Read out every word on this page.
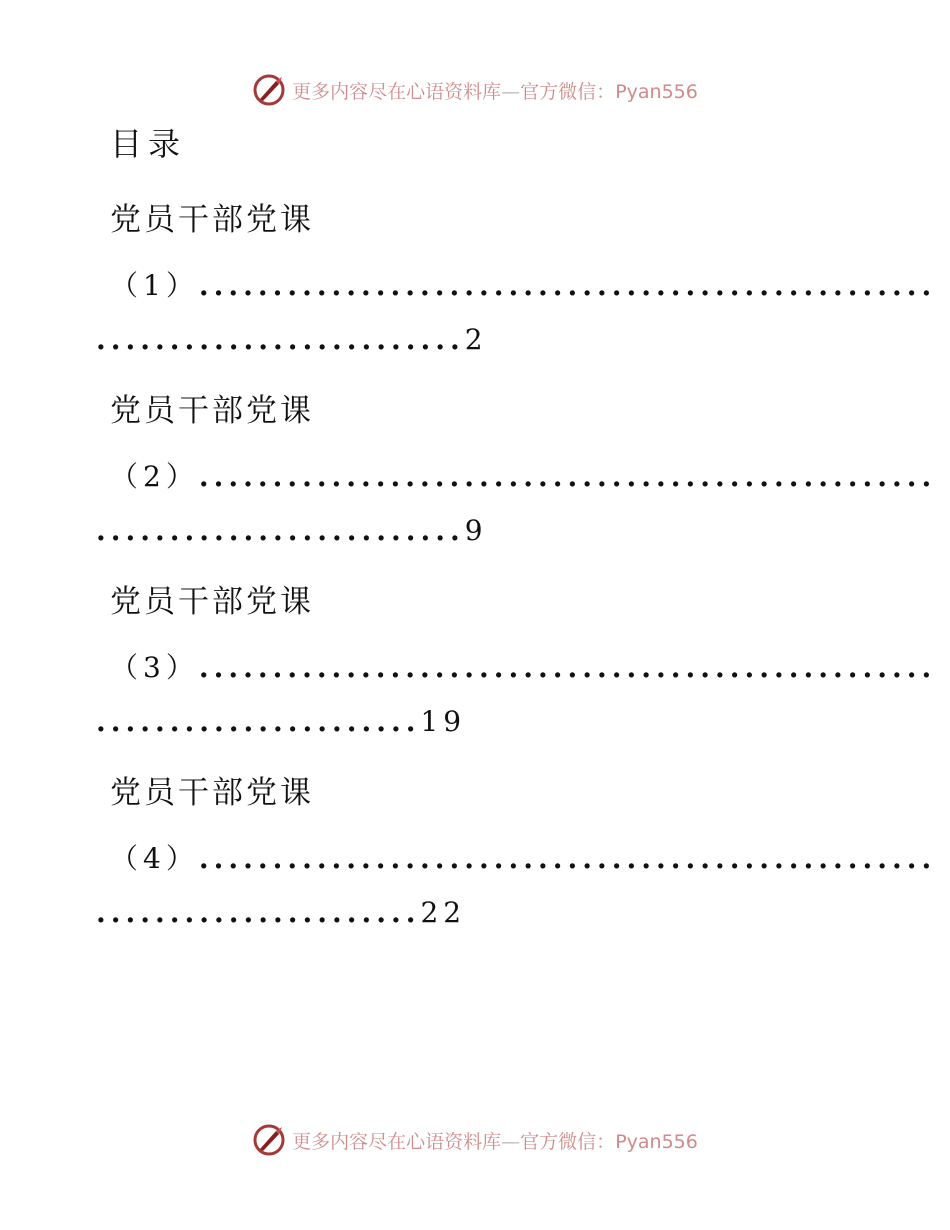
更多内容尽在心语资料库—官方微信：Pyan556
目录
党员干部党课
（1）..................................................
.........................2
党员干部党课
（2）..................................................
.........................9
党员干部党课
（3）..................................................
......................19
党员干部党课
（4）..................................................
......................22
更多内容尽在心语资料库—官方微信：Pyan556
